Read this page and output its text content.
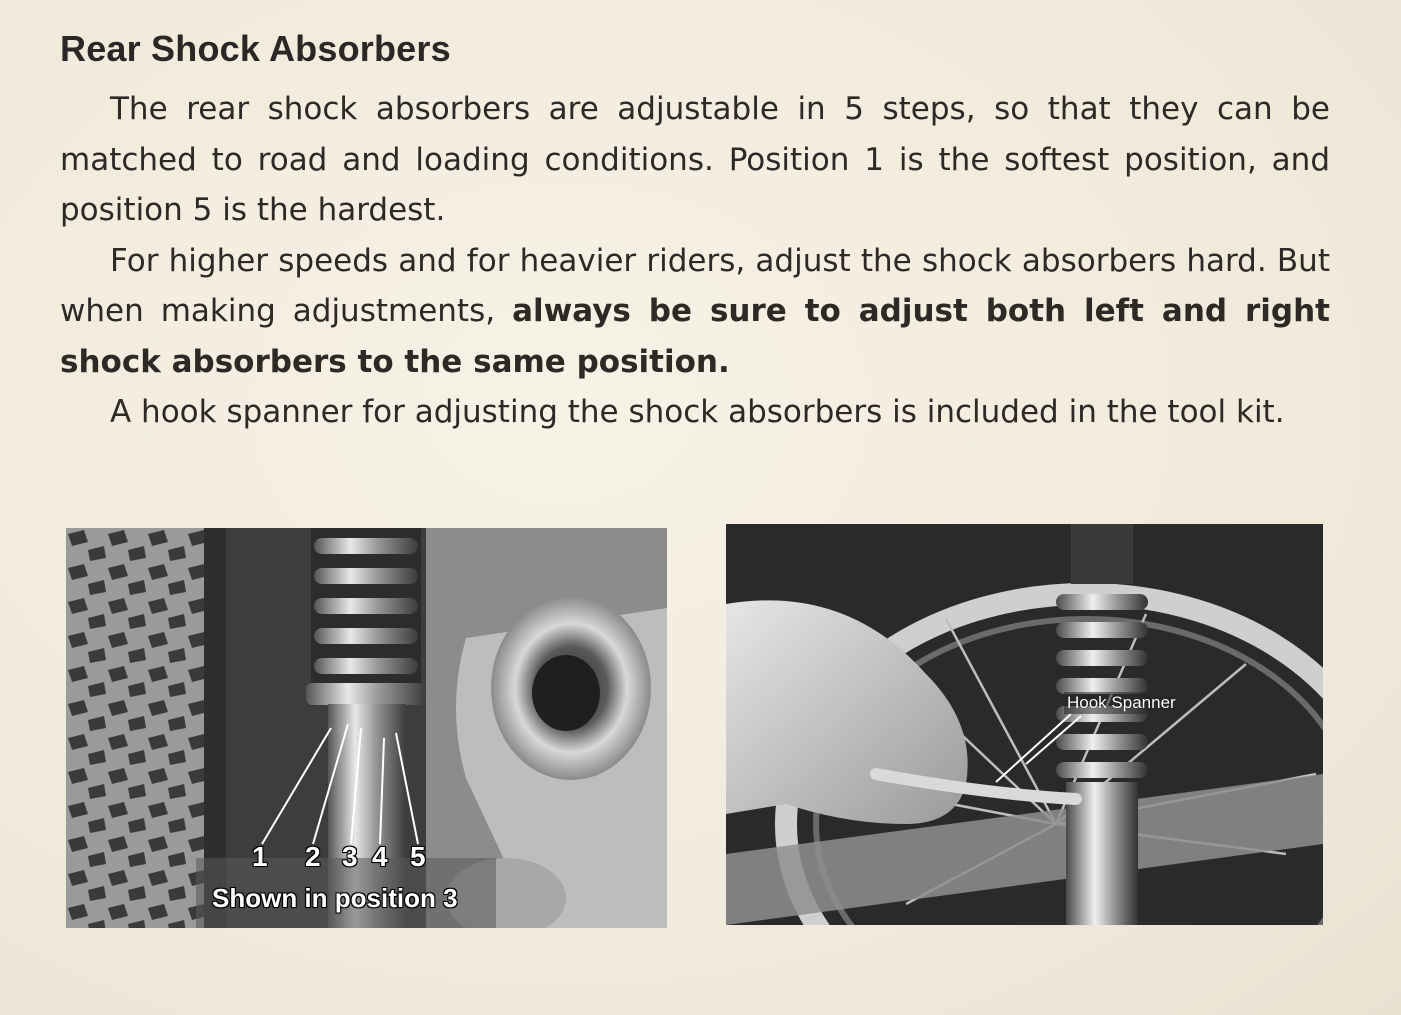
Rear Shock Absorbers

The rear shock absorbers are adjustable in 5 steps, so that they can be matched to road and loading conditions. Position 1 is the softest position, and position 5 is the hardest.

For higher speeds and for heavier riders, adjust the shock absorbers hard. But when making adjustments, always be sure to adjust both left and right shock absorbers to the same position.

A hook spanner for adjusting the shock absorbers is included in the tool kit.

1 2 3 4 5
Shown in position 3
Hook Spanner
